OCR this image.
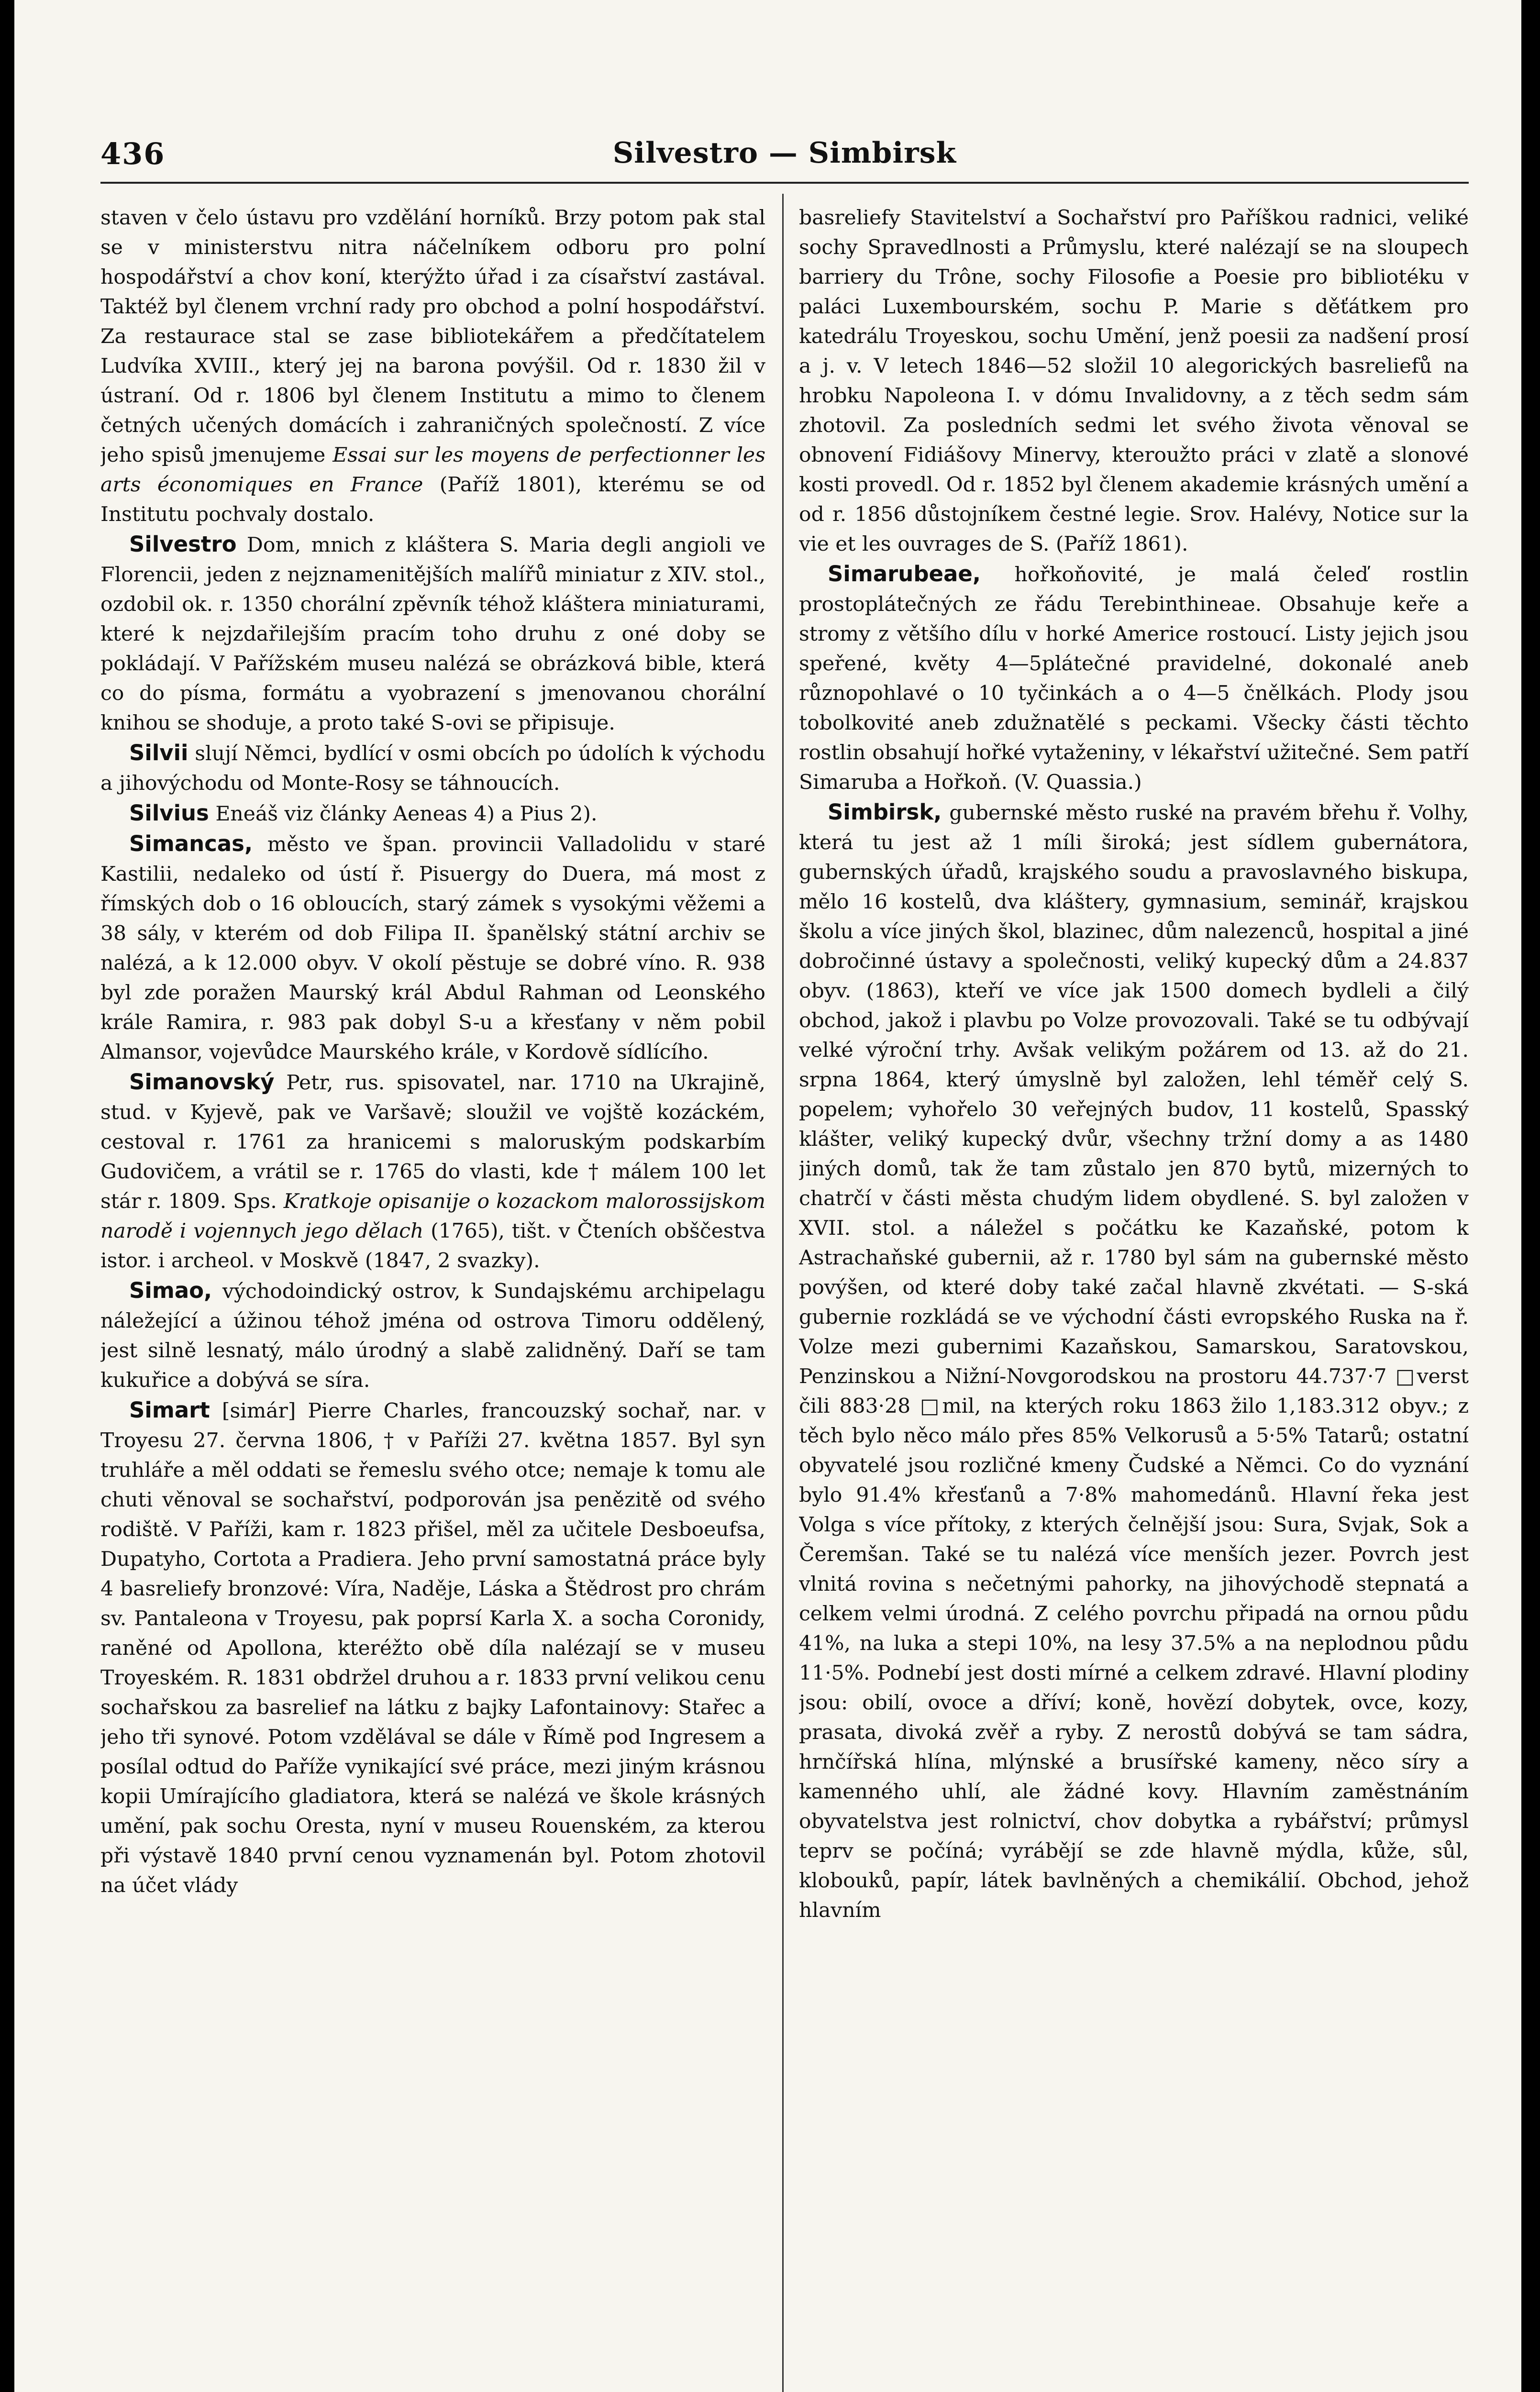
436	Silvestro — Simbirsk

staven v čelo ústavu pro vzdělání horníků. Brzy potom pak stal se v ministerstvu nitra náčelníkem odboru pro polní hospodářství a chov koní, kterýžto úřad i za císařství zastával. Taktéž byl členem vrchní rady pro obchod a polní hospodářství. Za restaurace stal se zase bibliotekářem a předčítatelem Ludvíka XVIII., který jej na barona povýšil. Od r. 1830 žil v ústraní. Od r. 1806 byl členem Institutu a mimo to členem četných učených domácích i zahraničných společností. Z více jeho spisů jmenujeme Essai sur les moyens de perfectionner les arts économiques en France (Paříž 1801), kterému se od Institutu pochvaly dostalo.

Silvestro Dom, mnich z kláštera S. Maria degli angioli ve Florencii, jeden z nejznamenitějších malířů miniatur z XIV. stol., ozdobil ok. r. 1350 chorální zpěvník téhož kláštera miniaturami, které k nejzdařilejším pracím toho druhu z oné doby se pokládají. V Pařížském museu nalézá se obrázková bible, která co do písma, formátu a vyobrazení s jmenovanou chorální knihou se shoduje, a proto také S-ovi se připisuje.

Silvii slují Němci, bydlící v osmi obcích po údolích k východu a jihovýchodu od Monte-Rosy se táhnoucích.

Silvius Eneáš viz články Aeneas 4) a Pius 2).

Simancas, město ve špan. provincii Valladolidu v staré Kastilii, nedaleko od ústí ř. Pisuergy do Duera, má most z římských dob o 16 obloucích, starý zámek s vysokými věžemi a 38 sály, v kterém od dob Filipa II. španělský státní archiv se nalézá, a k 12.000 obyv. V okolí pěstuje se dobré víno. R. 938 byl zde poražen Maurský král Abdul Rahman od Leonského krále Ramira, r. 983 pak dobyl S-u a křesťany v něm pobil Almansor, vojevůdce Maurského krále, v Kordově sídlícího.

Simanovský Petr, rus. spisovatel, nar. 1710 na Ukrajině, stud. v Kyjevě, pak ve Varšavě; sloužil ve vojště kozáckém, cestoval r. 1761 za hranicemi s maloruským podskarbím Gudovičem, a vrátil se r. 1765 do vlasti, kde † málem 100 let stár r. 1809. Sps. Kratkoje opisanije o kozackom malorossijskom narodě i vojennych jego dělach (1765), tišt. v Čteních obščestva istor. i archeol. v Moskvě (1847, 2 svazky).

Simao, východoindický ostrov, k Sundajskému archipelagu náležející a úžinou téhož jména od ostrova Timoru oddělený, jest silně lesnatý, málo úrodný a slabě zalidněný. Daří se tam kukuřice a dobývá se síra.

Simart [simár] Pierre Charles, francouzský sochař, nar. v Troyesu 27. června 1806, † v Paříži 27. května 1857. Byl syn truhláře a měl oddati se řemeslu svého otce; nemaje k tomu ale chuti věnoval se sochařství, podporován jsa penězitě od svého rodiště. V Paříži, kam r. 1823 přišel, měl za učitele Desboeufsa, Dupatyho, Cortota a Pradiera. Jeho první samostatná práce byly 4 basreliefy bronzové: Víra, Naděje, Láska a Štědrost pro chrám sv. Pantaleona v Troyesu, pak poprsí Karla X. a socha Coronidy, raněné od Apollona, kteréžto obě díla nalézají se v museu Troyeském. R. 1831 obdržel druhou a r. 1833 první velikou cenu sochařskou za basrelief na látku z bajky Lafontainovy: Stařec a jeho tři synové. Potom vzdělával se dále v Římě pod Ingresem a posílal odtud do Paříže vynikající své práce, mezi jiným krásnou kopii Umírajícího gladiatora, která se nalézá ve škole krásných umění, pak sochu Oresta, nyní v museu Rouenském, za kterou při výstavě 1840 první cenou vyznamenán byl. Potom zhotovil na účet vlády

basreliefy Stavitelství a Sochařství pro Paříškou radnici, veliké sochy Spravedlnosti a Průmyslu, které nalézají se na sloupech barriery du Trône, sochy Filosofie a Poesie pro bibliotéku v paláci Luxembourském, sochu P. Marie s děťátkem pro katedrálu Troyeskou, sochu Umění, jenž poesii za nadšení prosí a j. v. V letech 1846—52 složil 10 alegorických basreliefů na hrobku Napoleona I. v dómu Invalidovny, a z těch sedm sám zhotovil. Za posledních sedmi let svého života věnoval se obnovení Fidiášovy Minervy, kteroužto práci v zlatě a slonové kosti provedl. Od r. 1852 byl členem akademie krásných umění a od r. 1856 důstojníkem čestné legie. Srov. Halévy, Notice sur la vie et les ouvrages de S. (Paříž 1861).

Simarubeae, hořkoňovité, je malá čeleď rostlin prostoplátečných ze řádu Terebinthineae. Obsahuje keře a stromy z většího dílu v horké Americe rostoucí. Listy jejich jsou speřené, květy 4—5plátečné pravidelné, dokonalé aneb různopohlavé o 10 tyčinkách a o 4—5 čnělkách. Plody jsou tobolkovité aneb zdužnatělé s peckami. Všecky části těchto rostlin obsahují hořké vytaženiny, v lékařství užitečné. Sem patří Simaruba a Hořkoň. (V. Quassia.)

Simbirsk, gubernské město ruské na pravém břehu ř. Volhy, která tu jest až 1 míli široká; jest sídlem gubernátora, gubernských úřadů, krajského soudu a pravoslavného biskupa, mělo 16 kostelů, dva kláštery, gymnasium, seminář, krajskou školu a více jiných škol, blazinec, dům nalezenců, hospital a jiné dobročinné ústavy a společnosti, veliký kupecký dům a 24.837 obyv. (1863), kteří ve více jak 1500 domech bydleli a čilý obchod, jakož i plavbu po Volze provozovali. Také se tu odbývají velké výroční trhy. Avšak velikým požárem od 13. až do 21. srpna 1864, který úmyslně byl založen, lehl téměř celý S. popelem; vyhořelo 30 veřejných budov, 11 kostelů, Spasský klášter, veliký kupecký dvůr, všechny tržní domy a as 1480 jiných domů, tak že tam zůstalo jen 870 bytů, mizerných to chatrčí v části města chudým lidem obydlené. S. byl založen v XVII. stol. a náležel s počátku ke Kazaňské, potom k Astrachaňské gubernii, až r. 1780 byl sám na gubernské město povýšen, od které doby také začal hlavně zkvétati. — S-ská gubernie rozkládá se ve východní části evropského Ruska na ř. Volze mezi gubernimi Kazaňskou, Samarskou, Saratovskou, Penzinskou a Nižní-Novgorodskou na prostoru 44.737·7 □verst čili 883·28 □mil, na kterých roku 1863 žilo 1,183.312 obyv.; z těch bylo něco málo přes 85% Velkorusů a 5·5% Tatarů; ostatní obyvatelé jsou rozličné kmeny Čudské a Němci. Co do vyznání bylo 91.4% křesťanů a 7·8% mahomedánů. Hlavní řeka jest Volga s více přítoky, z kterých čelnější jsou: Sura, Svjak, Sok a Čeremšan. Také se tu nalézá více menších jezer. Povrch jest vlnitá rovina s nečetnými pahorky, na jihovýchodě stepnatá a celkem velmi úrodná. Z celého povrchu připadá na ornou půdu 41%, na luka a stepi 10%, na lesy 37.5% a na neplodnou půdu 11·5%. Podnebí jest dosti mírné a celkem zdravé. Hlavní plodiny jsou: obilí, ovoce a dříví; koně, hovězí dobytek, ovce, kozy, prasata, divoká zvěř a ryby. Z nerostů dobývá se tam sádra, hrnčířská hlína, mlýnské a brusířské kameny, něco síry a kamenného uhlí, ale žádné kovy. Hlavním zaměstnáním obyvatelstva jest rolnictví, chov dobytka a rybářství; průmysl teprv se počíná; vyrábějí se zde hlavně mýdla, kůže, sůl, klobouků, papír, látek bavlněných a chemikálií. Obchod, jehož hlavním
